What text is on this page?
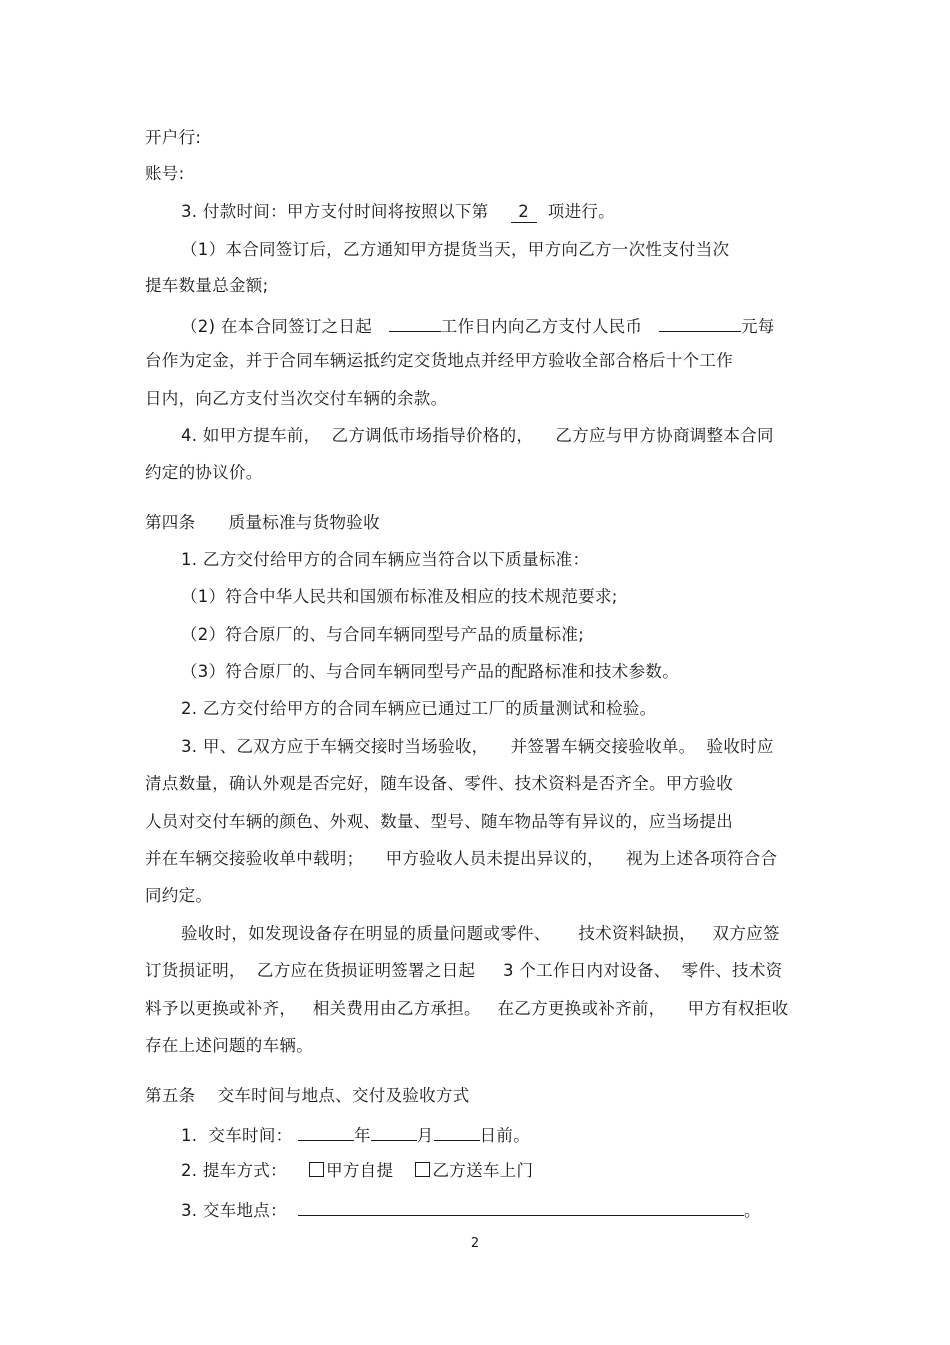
开户行:
账号:
3. 付款时间：甲方支付时间将按照以下第 2 项进行。
（1）本合同签订后，乙方通知甲方提货当天，甲方向乙方一次性支付当次
提车数量总金额;
（2) 在本合同签订之日起	工作日内向乙方支付人民币	元每
台作为定金，并于合同车辆运抵约定交货地点并经甲方验收全部合格后十个工作
日内，向乙方支付当次交付车辆的余款。
4. 如甲方提车前，  乙方调低市场指导价格的，    乙方应与甲方协商调整本合同
约定的协议价。
第四条      质量标准与货物验收
1. 乙方交付给甲方的合同车辆应当符合以下质量标准：
（1）符合中华人民共和国颁布标准及相应的技术规范要求;
（2）符合原厂的、与合同车辆同型号产品的质量标准;
（3）符合原厂的、与合同车辆同型号产品的配路标准和技术参数。
2. 乙方交付给甲方的合同车辆应已通过工厂的质量测试和检验。
3. 甲、乙双方应于车辆交接时当场验收，    并签署车辆交接验收单。  验收时应
清点数量，确认外观是否完好，随车设备、零件、技术资料是否齐全。甲方验收
人员对交付车辆的颜色、外观、数量、型号、随车物品等有异议的，应当场提出
并在车辆交接验收单中载明；    甲方验收人员未提出异议的，    视为上述各项符合合
同约定。
验收时，如发现设备存在明显的质量问题或零件、     技术资料缺损，   双方应签
订货损证明，  乙方应在货损证明签署之日起     3 个工作日内对设备、  零件、技术资
料予以更换或补齐，   相关费用由乙方承担。   在乙方更换或补齐前，    甲方有权拒收
存在上述问题的车辆。
第五条    交车时间与地点、交付及验收方式
1.  交车时间：	年	月	日前。
2. 提车方式： 甲方自提 乙方送车上门
3. 交车地点：	。
2
